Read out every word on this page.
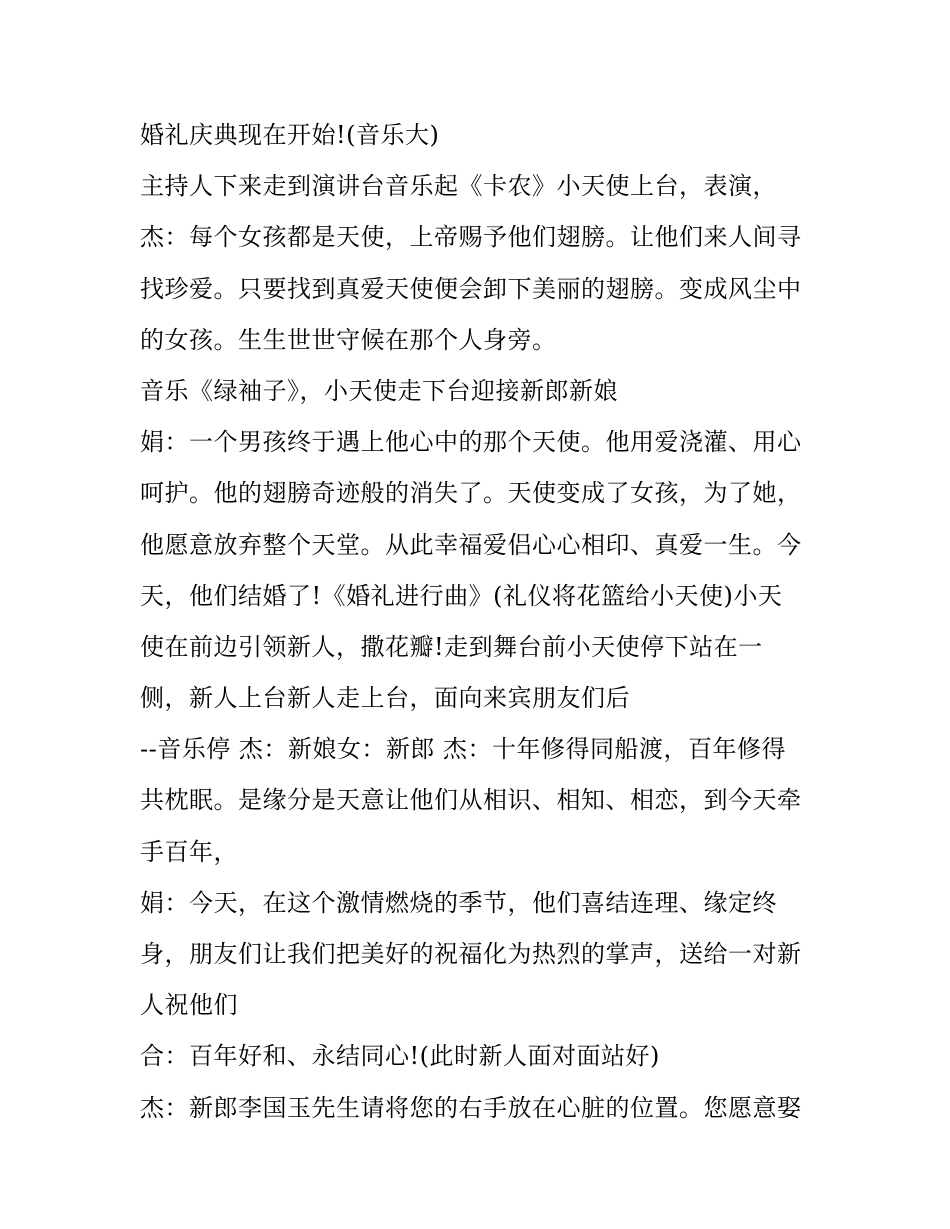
婚礼庆典现在开始!(音乐大)
主持人下来走到演讲台音乐起《卡农》小天使上台，表演，
杰：每个女孩都是天使，上帝赐予他们翅膀。让他们来人间寻
找珍爱。只要找到真爱天使便会卸下美丽的翅膀。变成风尘中
的女孩。生生世世守候在那个人身旁。
音乐《绿袖子》，小天使走下台迎接新郎新娘
娟：一个男孩终于遇上他心中的那个天使。他用爱浇灌、用心
呵护。他的翅膀奇迹般的消失了。天使变成了女孩，为了她，
他愿意放弃整个天堂。从此幸福爱侣心心相印、真爱一生。今
天，他们结婚了!《婚礼进行曲》(礼仪将花篮给小天使)小天
使在前边引领新人，撒花瓣!走到舞台前小天使停下站在一
侧，新人上台新人走上台，面向来宾朋友们后
--音乐停 杰：新娘女：新郎 杰：十年修得同船渡，百年修得
共枕眠。是缘分是天意让他们从相识、相知、相恋，到今天牵
手百年，
娟：今天，在这个激情燃烧的季节，他们喜结连理、缘定终
身，朋友们让我们把美好的祝福化为热烈的掌声，送给一对新
人祝他们
合：百年好和、永结同心!(此时新人面对面站好)
杰：新郎李国玉先生请将您的右手放在心脏的位置。您愿意娶
